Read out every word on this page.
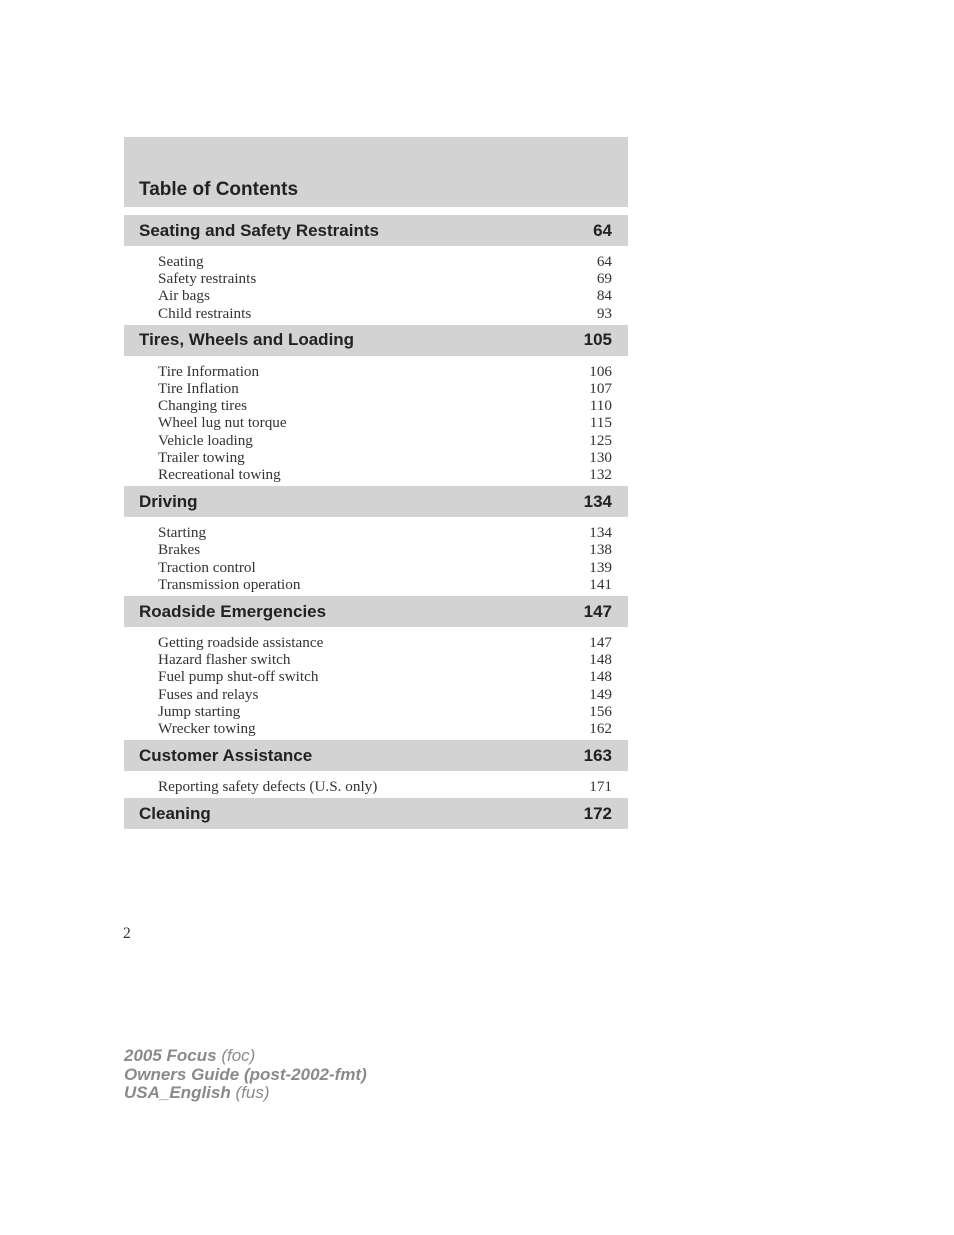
Table of Contents
Seating and Safety Restraints	64
Seating	64
Safety restraints	69
Air bags	84
Child restraints	93
Tires, Wheels and Loading	105
Tire Information	106
Tire Inflation	107
Changing tires	110
Wheel lug nut torque	115
Vehicle loading	125
Trailer towing	130
Recreational towing	132
Driving	134
Starting	134
Brakes	138
Traction control	139
Transmission operation	141
Roadside Emergencies	147
Getting roadside assistance	147
Hazard flasher switch	148
Fuel pump shut-off switch	148
Fuses and relays	149
Jump starting	156
Wrecker towing	162
Customer Assistance	163
Reporting safety defects (U.S. only)	171
Cleaning	172
2
2005 Focus (foc)
Owners Guide (post-2002-fmt)
USA_English (fus)
